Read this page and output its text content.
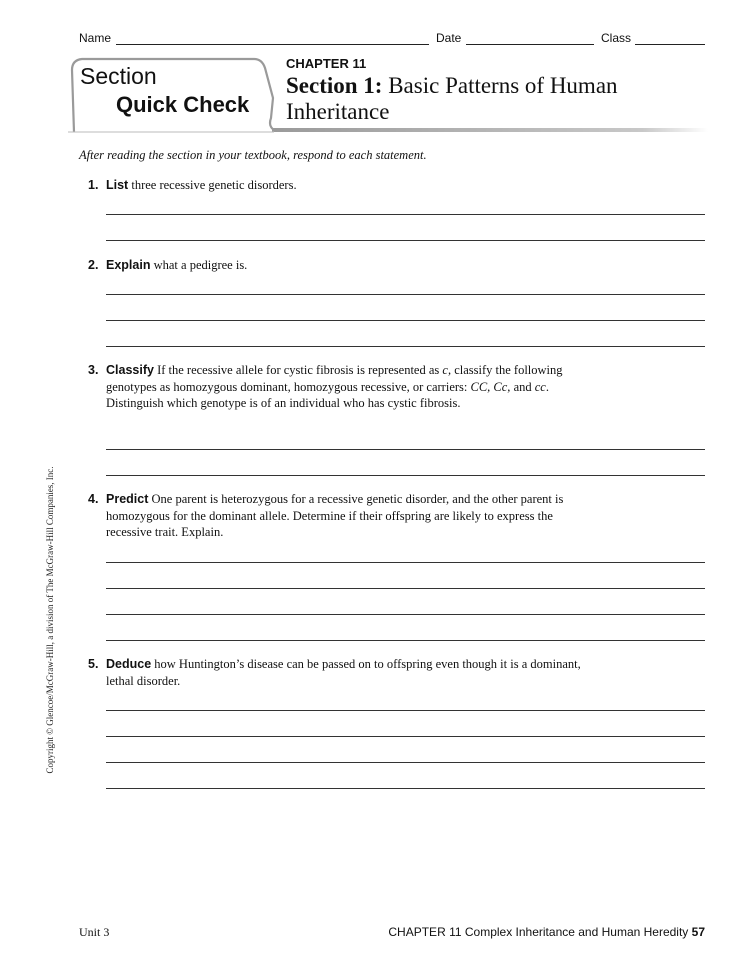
Name	Date	Class
Section
Quick Check
CHAPTER 11
Section 1: Basic Patterns of Human Inheritance
After reading the section in your textbook, respond to each statement.
1. List three recessive genetic disorders.
2. Explain what a pedigree is.
3. Classify If the recessive allele for cystic fibrosis is represented as c, classify the following genotypes as homozygous dominant, homozygous recessive, or carriers: CC, Cc, and cc. Distinguish which genotype is of an individual who has cystic fibrosis.
4. Predict One parent is heterozygous for a recessive genetic disorder, and the other parent is homozygous for the dominant allele. Determine if their offspring are likely to express the recessive trait. Explain.
5. Deduce how Huntington’s disease can be passed on to offspring even though it is a dominant, lethal disorder.
Copyright © Glencoe/McGraw-Hill, a division of The McGraw-Hill Companies, Inc.
Unit 3	CHAPTER 11 Complex Inheritance and Human Heredity 57
